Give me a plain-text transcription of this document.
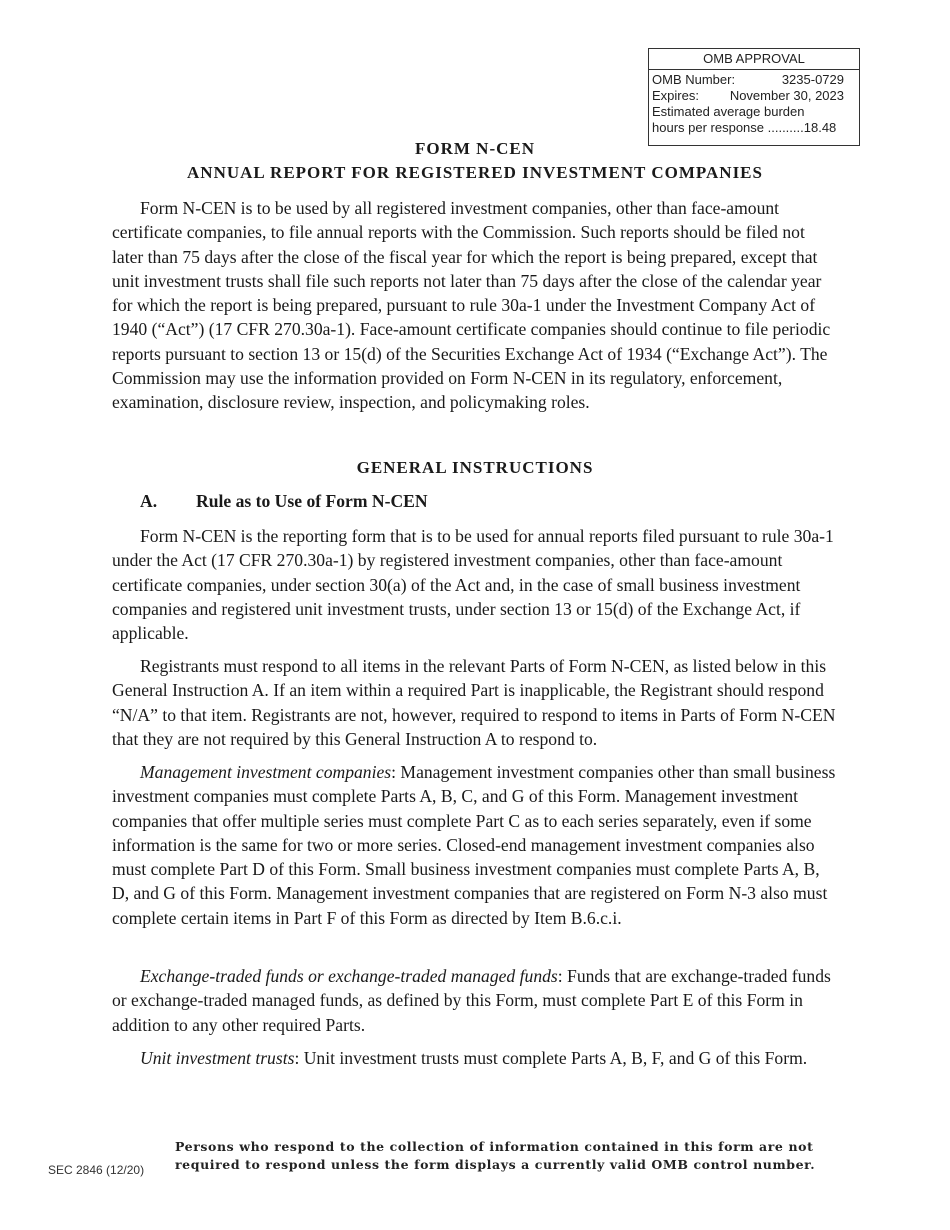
OMB APPROVAL
OMB Number:	3235-0729
Expires: November 30, 2023
Estimated average burden
hours per response ..........18.48
FORM N-CEN
ANNUAL REPORT FOR REGISTERED INVESTMENT COMPANIES

Form N-CEN is to be used by all registered investment companies, other than face-amount certificate companies, to file annual reports with the Commission. Such reports should be filed not later than 75 days after the close of the fiscal year for which the report is being prepared, except that unit investment trusts shall file such reports not later than 75 days after the close of the calendar year for which the report is being prepared, pursuant to rule 30a-1 under the Investment Company Act of 1940 (“Act”) (17 CFR 270.30a-1). Face-amount certificate companies should continue to file periodic reports pursuant to section 13 or 15(d) of the Securities Exchange Act of 1934 (“Exchange Act”). The Commission may use the information provided on Form N-CEN in its regulatory, enforcement, examination, disclosure review, inspection, and policymaking roles.

GENERAL INSTRUCTIONS
A. Rule as to Use of Form N-CEN

Form N-CEN is the reporting form that is to be used for annual reports filed pursuant to rule 30a-1 under the Act (17 CFR 270.30a-1) by registered investment companies, other than face-amount certificate companies, under section 30(a) of the Act and, in the case of small business investment companies and registered unit investment trusts, under section 13 or 15(d) of the Exchange Act, if applicable.

Registrants must respond to all items in the relevant Parts of Form N-CEN, as listed below in this General Instruction A. If an item within a required Part is inapplicable, the Registrant should respond “N/A” to that item. Registrants are not, however, required to respond to items in Parts of Form N-CEN that they are not required by this General Instruction A to respond to.

Management investment companies: Management investment companies other than small business investment companies must complete Parts A, B, C, and G of this Form. Management investment companies that offer multiple series must complete Part C as to each series separately, even if some information is the same for two or more series. Closed-end management investment companies also must complete Part D of this Form. Small business investment companies must complete Parts A, B, D, and G of this Form. Management investment companies that are registered on Form N-3 also must complete certain items in Part F of this Form as directed by Item B.6.c.i.

Exchange-traded funds or exchange-traded managed funds: Funds that are exchange-traded funds or exchange-traded managed funds, as defined by this Form, must complete Part E of this Form in addition to any other required Parts.

Unit investment trusts: Unit investment trusts must complete Parts A, B, F, and G of this Form.

SEC 2846 (12/20)
Persons who respond to the collection of information contained in this form are not required to respond unless the form displays a currently valid OMB control number.
